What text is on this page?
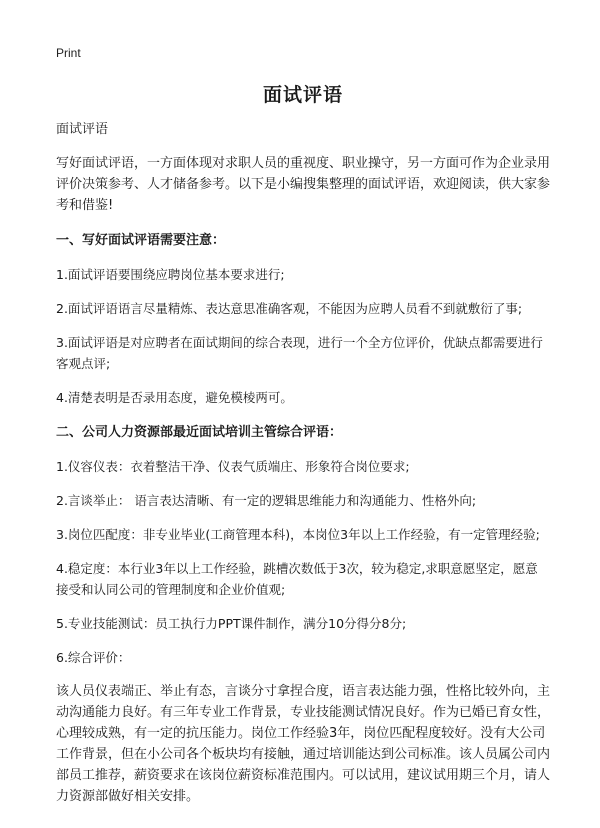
Print
面试评语
面试评语

写好面试评语，一方面体现对求职人员的重视度、职业操守，另一方面可作为企业录用评价决策参考、人才储备参考。以下是小编搜集整理的面试评语，欢迎阅读，供大家参考和借鉴!

一、写好面试评语需要注意：

1.面试评语要围绕应聘岗位基本要求进行;

2.面试评语语言尽量精炼、表达意思准确客观，不能因为应聘人员看不到就敷衍了事;

3.面试评语是对应聘者在面试期间的综合表现，进行一个全方位评价，优缺点都需要进行客观点评;

4.清楚表明是否录用态度，避免模棱两可。

二、公司人力资源部最近面试培训主管综合评语：

1.仪容仪表：衣着整洁干净、仪表气质端庄、形象符合岗位要求;

2.言谈举止： 语言表达清晰、有一定的逻辑思维能力和沟通能力、性格外向;

3.岗位匹配度：非专业毕业(工商管理本科)，本岗位3年以上工作经验，有一定管理经验;

4.稳定度：本行业3年以上工作经验，跳槽次数低于3次，较为稳定,求职意愿坚定，愿意接受和认同公司的管理制度和企业价值观;

5.专业技能测试：员工执行力PPT课件制作，满分10分得分8分;

6.综合评价：

该人员仪表端正、举止有态，言谈分寸拿捏合度，语言表达能力强，性格比较外向，主动沟通能力良好。有三年专业工作背景，专业技能测试情况良好。作为已婚已育女性，心理较成熟，有一定的抗压能力。岗位工作经验3年，岗位匹配程度较好。没有大公司工作背景，但在小公司各个板块均有接触，通过培训能达到公司标准。该人员属公司内部员工推荐，薪资要求在该岗位薪资标准范围内。可以试用，建议试用期三个月，请人力资源部做好相关安排。
